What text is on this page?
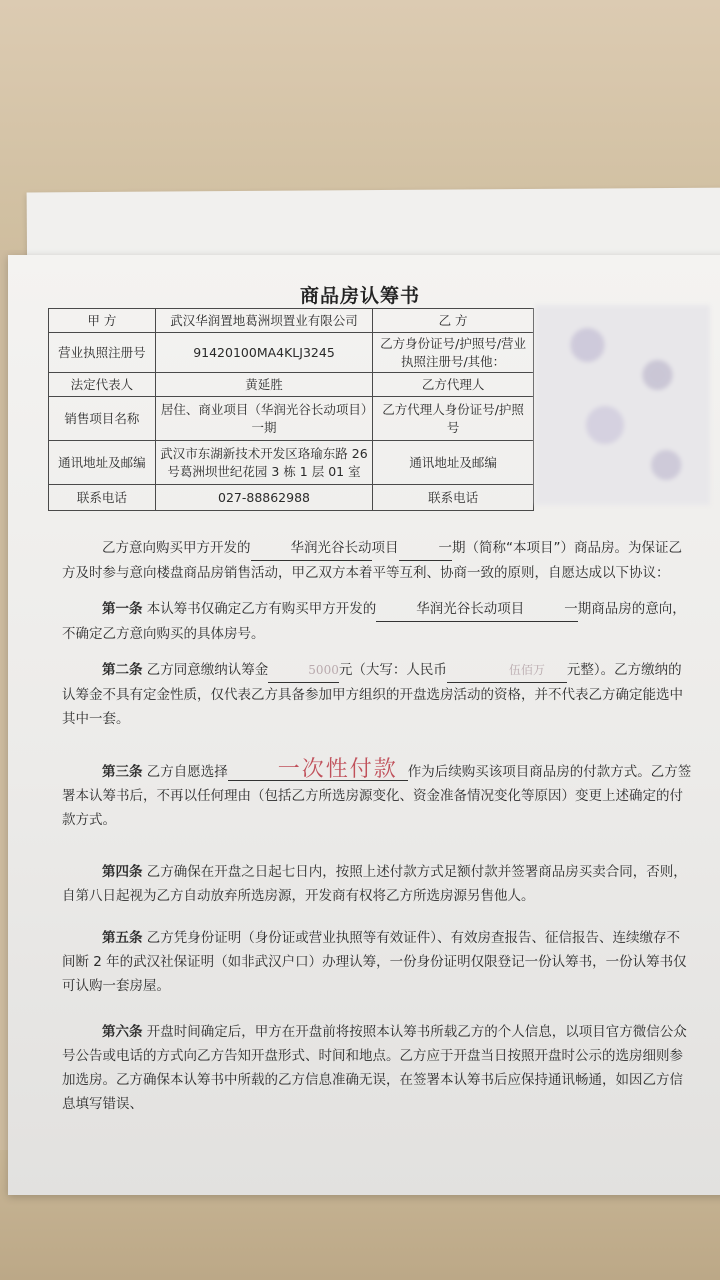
商品房认筹书
甲 方	武汉华润置地葛洲坝置业有限公司	乙 方
营业执照注册号	91420100MA4KLJ3245	乙方身份证号/护照号/营业执照注册号/其他：
法定代表人	黄延胜	乙方代理人
销售项目名称	居住、商业项目（华润光谷长动项目）一期	乙方代理人身份证号/护照号
通讯地址及邮编	武汉市东湖新技术开发区珞瑜东路 26 号葛洲坝世纪花园 3 栋 1 层 01 室	通讯地址及邮编
联系电话	027-88862988	联系电话
乙方意向购买甲方开发的	华润光谷长动项目	一期（简称“本项目”）商品房。为保证乙方及时参与意向楼盘商品房销售活动，甲乙双方本着平等互利、协商一致的原则，自愿达成以下协议：
第一条 本认筹书仅确定乙方有购买甲方开发的	华润光谷长动项目	一期商品房的意向，不确定乙方意向购买的具体房号。
第二条 乙方同意缴纳认筹金	5000元（大写：人民币	伍佰万 元整）。乙方缴纳的认筹金不具有定金性质，仅代表乙方具备参加甲方组织的开盘选房活动的资格，并不代表乙方确定能选中其中一套。
第三条 乙方自愿选择 一次性付款 作为后续购买该项目商品房的付款方式。乙方签署本认筹书后，不再以任何理由（包括乙方所选房源变化、资金准备情况变化等原因）变更上述确定的付款方式。
第四条 乙方确保在开盘之日起七日内，按照上述付款方式足额付款并签署商品房买卖合同，否则，自第八日起视为乙方自动放弃所选房源，开发商有权将乙方所选房源另售他人。
第五条 乙方凭身份证明（身份证或营业执照等有效证件）、有效房查报告、征信报告、连续缴存不间断 2 年的武汉社保证明（如非武汉户口）办理认筹，一份身份证明仅限登记一份认筹书，一份认筹书仅可认购一套房屋。
第六条 开盘时间确定后，甲方在开盘前将按照本认筹书所载乙方的个人信息，以项目官方微信公众号公告或电话的方式向乙方告知开盘形式、时间和地点。乙方应于开盘当日按照开盘时公示的选房细则参加选房。乙方确保本认筹书中所载的乙方信息准确无误，在签署本认筹书后应保持通讯畅通，如因乙方信息填写错误、
